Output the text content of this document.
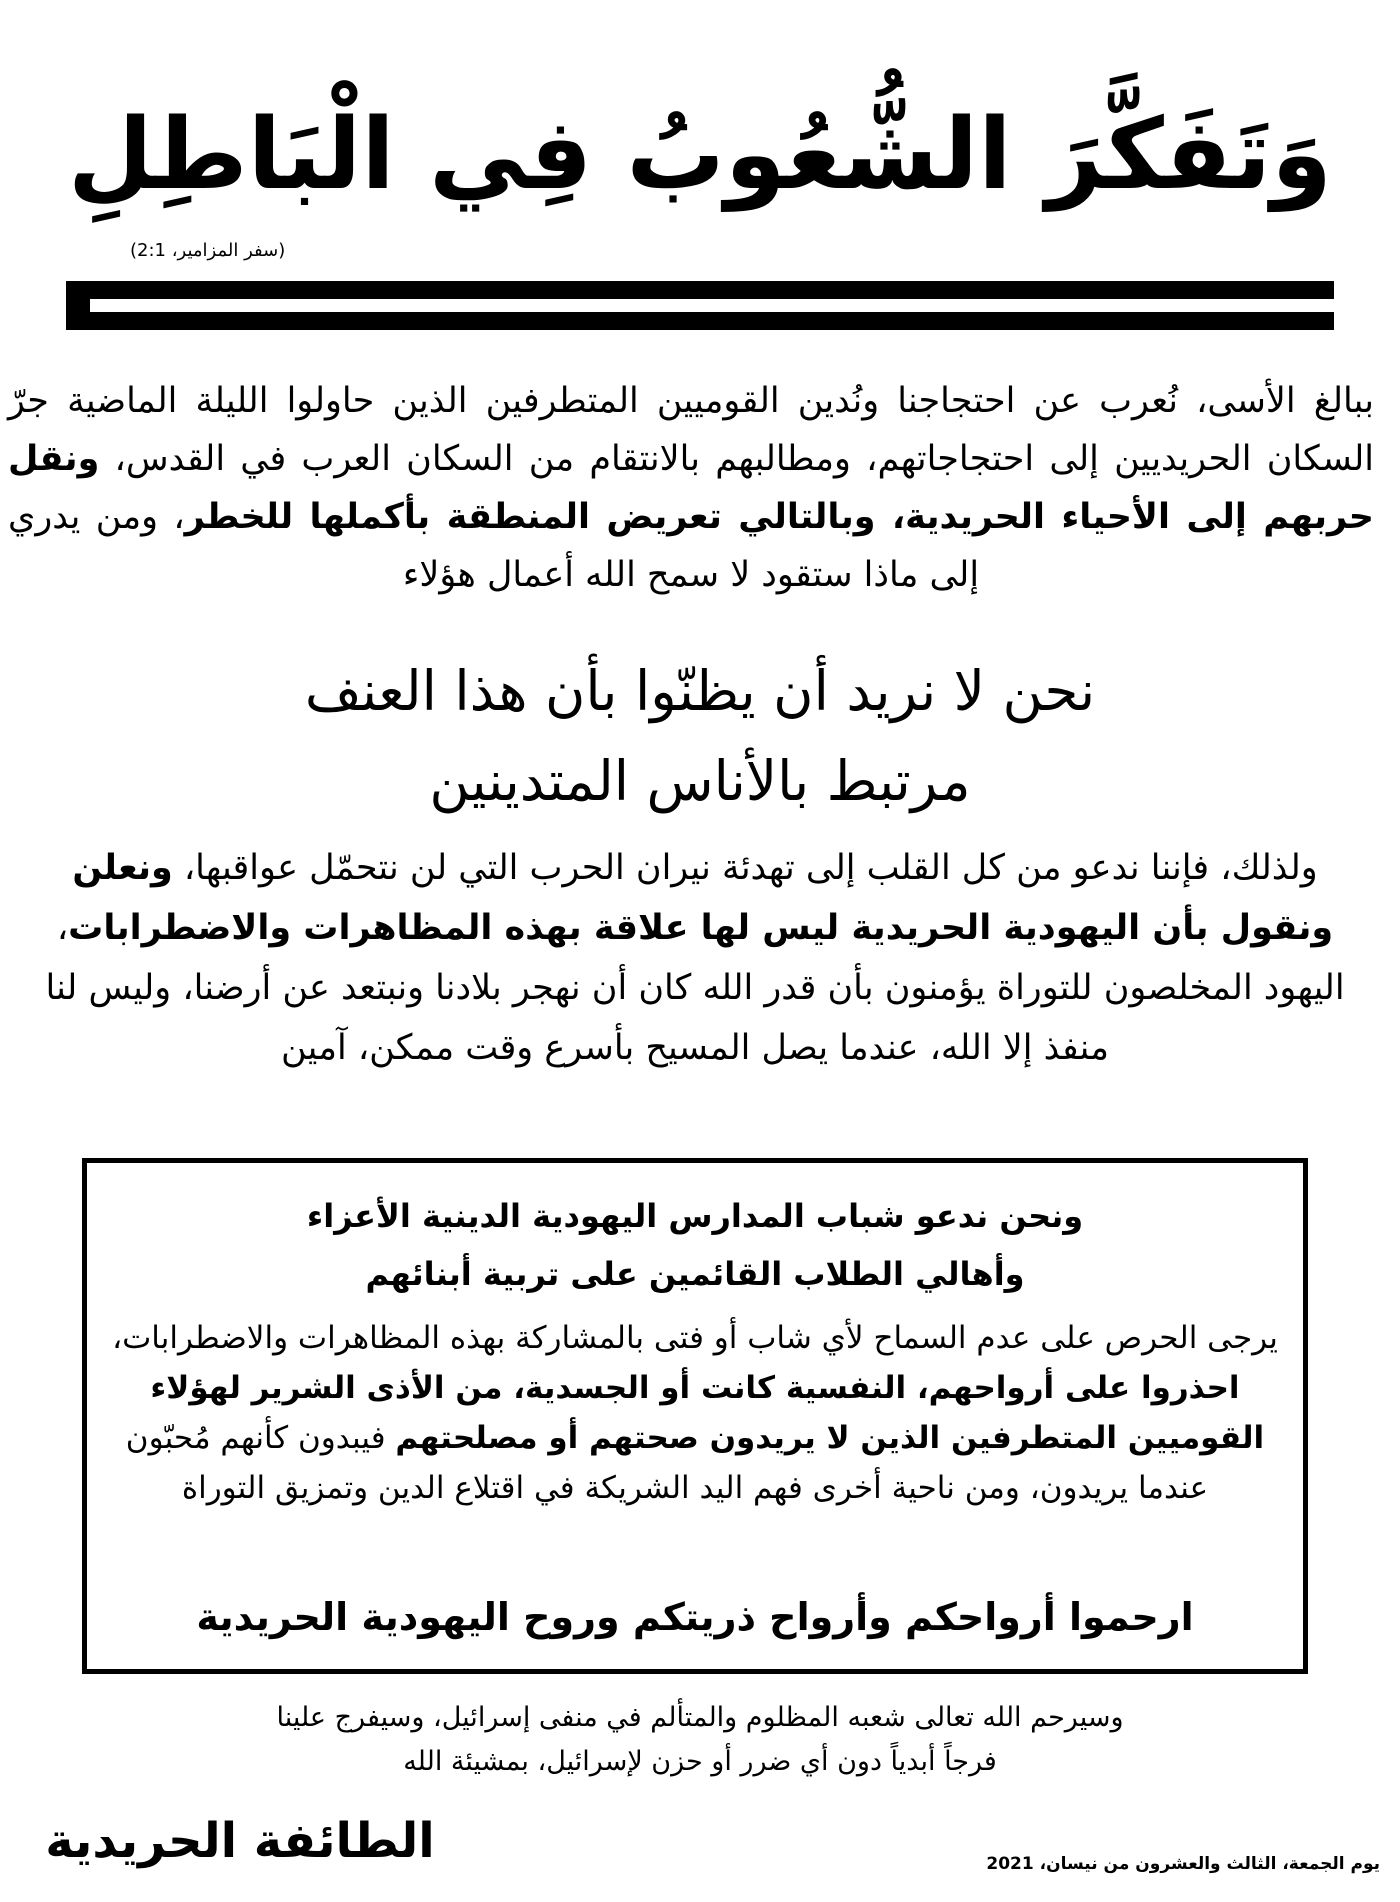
وَتَفَكَّرَ الشُّعُوبُ فِي الْبَاطِلِ
(سفر المزامير، 2:1)
ببالغ الأسى، نُعرب عن احتجاجنا ونُدين القوميين المتطرفين الذين حاولوا الليلة الماضية جرّ السكان الحريديين إلى احتجاجاتهم، ومطالبهم بالانتقام من السكان العرب في القدس، ونقل حربهم إلى الأحياء الحريدية، وبالتالي تعريض المنطقة بأكملها للخطر، ومن يدري إلى ماذا ستقود لا سمح الله أعمال هؤلاء
نحن لا نريد أن يظنّوا بأن هذا العنف
مرتبط بالأناس المتدينين
ولذلك، فإننا ندعو من كل القلب إلى تهدئة نيران الحرب التي لن نتحمّل عواقبها، ونعلن ونقول بأن اليهودية الحريدية ليس لها علاقة بهذه المظاهرات والاضطرابات، اليهود المخلصون للتوراة يؤمنون بأن قدر الله كان أن نهجر بلادنا ونبتعد عن أرضنا، وليس لنا منفذ إلا الله، عندما يصل المسيح بأسرع وقت ممكن، آمين
ونحن ندعو شباب المدارس اليهودية الدينية الأعزاء
وأهالي الطلاب القائمين على تربية أبنائهم
يرجى الحرص على عدم السماح لأي شاب أو فتى بالمشاركة بهذه المظاهرات والاضطرابات، احذروا على أرواحهم، النفسية كانت أو الجسدية، من الأذى الشرير لهؤلاء القوميين المتطرفين الذين لا يريدون صحتهم أو مصلحتهم فيبدون كأنهم مُحبّون عندما يريدون، ومن ناحية أخرى فهم اليد الشريكة في اقتلاع الدين وتمزيق التوراة
ارحموا أرواحكم وأرواح ذريتكم وروح اليهودية الحريدية
وسيرحم الله تعالى شعبه المظلوم والمتألم في منفى إسرائيل، وسيفرج علينا
فرجاً أبدياً دون أي ضرر أو حزن لإسرائيل، بمشيئة الله
الطائفة الحريدية	يوم الجمعة، الثالث والعشرون من نيسان، 2021
